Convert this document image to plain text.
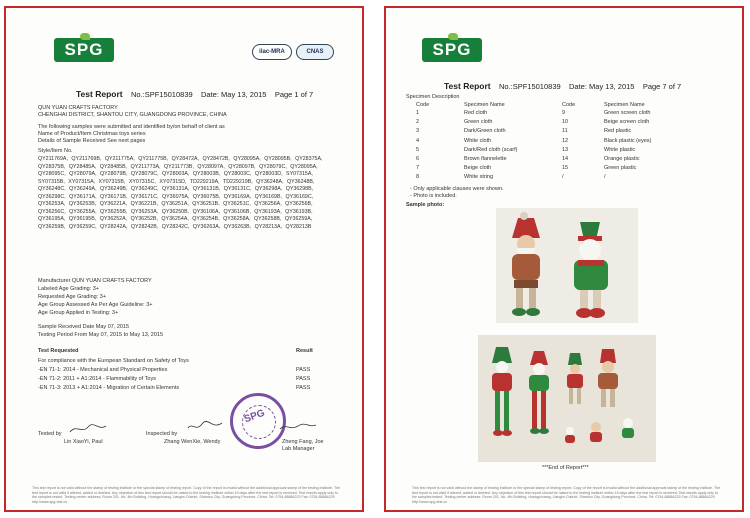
SPG	ilac-MRA	CNAS
Test Report No.:SPF15010839 Date: May 13, 2015 Page 1 of 7
QUN YUAN CRAFTS FACTORY
CHENGHAI DISTRICT, SHANTOU CITY, GUANGDONG PROVINCE, CHINA
The following samples were submitted and identified by/on behalf of client as
Name of Product/Item Christmas toys series
Details of Sample Received See next pages
Style/Item No.
QY211769A, QY211769B, QY211775A, QY211775B, QY28472A, QY28472B, QY28095A, QY28095B, QY28375A, QY28375B, QY28485A, QY28485B, QY211773A, QY211773B, QY28097A, QY28097B, QY28079C, QY28095A, QY28095C, QY28079A, QY28079B, QY28079C, QY28003A, QY28003B, QY28003C, QY28003D, SY07315A, SY07315B, XY07315A, XY07315B, XY07315C, XY07315D, TD229219A, TD229219B, QY36248A, QY36248B, QY36248C, QY36249A, QY36249B, QY36249C, QY36131A, QY36131B, QY36131C, QY36298A, QY36298B, QY36298C, QY36171A, QY36171B, QY36171C, QY36075A, QY36075B, QY36169A, QY36169B, QY36169C, QY36253A, QY36253B, QY36221A, QY36221B, QY36251A, QY36251B, QY36251C, QY36256A, QY36256B, QY36256C, QY36255A, QY36255B, QY36253A, QY36250B, QY36106A, QY36106B, QY36193A, QY36193B, QY36195A, QY36195B, QY36252A, QY36252B, QY36254A, QY36254B, QY36258A, QY36258B, QY36259A, QY36259B, QY36259C, QY28242A, QY28242B, QY28242C, QY36263A, QY36263B, QY28213A, QY28213B
Manufacturer QUN YUAN CRAFTS FACTORY
Labeled Age Grading: 3+
Requested Age Grading: 3+
Age Group Assessed As Per Age Guideline: 3+
Age Group Applied in Testing: 3+
Sample Received Date May 07, 2015
Testing Period From May 07, 2015 to May 13, 2015
Test Requested	Result
For compliance with the European Standard on Safety of Toys
-EN 71-1: 2014 - Mechanical and Physical Properties	PASS
-EN 71-2: 2011 + A1:2014 - Flammability of Toys	PASS
-EN 71-3: 2013 + A1:2014 - Migration of Certain Elements	PASS
Tested by
Lin XiaoYi, Paul
Inspected by
Zhang WenXie, Wendy
SPG
Zheng Fang, Joe
Lab Manager
This test report is not valid without the stamp of testing institute or the special stamp of testing report. Copy of the report is invalid without the additional approval stamp of the testing institute. The test report is not valid if altered, added or deleted. Any objection of this test report should be raised to the testing institute within 15 days after the test report is received. Test results apply only to the samples tested. Testing center address: Room 201, No. 4th Building, Huangchuang, Lianghu District, Shantou City, Guangdong Province, China. Tel: 0754-88884223 Fax: 0754-88884229 http://www.spg-test.cn
SPG
Test Report No.:SPF15010839 Date: May 13, 2015 Page 7 of 7
Specimen Description
Code	Specimen Name	Code	Specimen Name
1	Red cloth	9	Green screen cloth
2	Green cloth	10	Beige screen cloth
3	Dark/Green cloth	11	Red plastic
4	White cloth	12	Black plastic (eyes)
5	Dark/Red cloth (scarf)	13	White plastic
6	Brown flannelette	14	Orange plastic
7	Beige cloth	15	Green plastic
8	White string	/	/
- Only applicable clauses were shown.
- Photo is included.
Sample photo:
***End of Report***
This test report is not valid without the stamp of testing institute or the special stamp of testing report. Copy of the report is invalid without the additional approval stamp of the testing institute. The test report is not valid if altered, added or deleted. Any objection of this test report should be raised to the testing institute within 15 days after the test report is received. Test results apply only to the samples tested. Testing center address: Room 201, No. 4th Building, Huangchuang, Lianghu District, Shantou City, Guangdong Province, China. Tel: 0754-88884223 Fax: 0754-88884229 http://www.spg-test.cn
